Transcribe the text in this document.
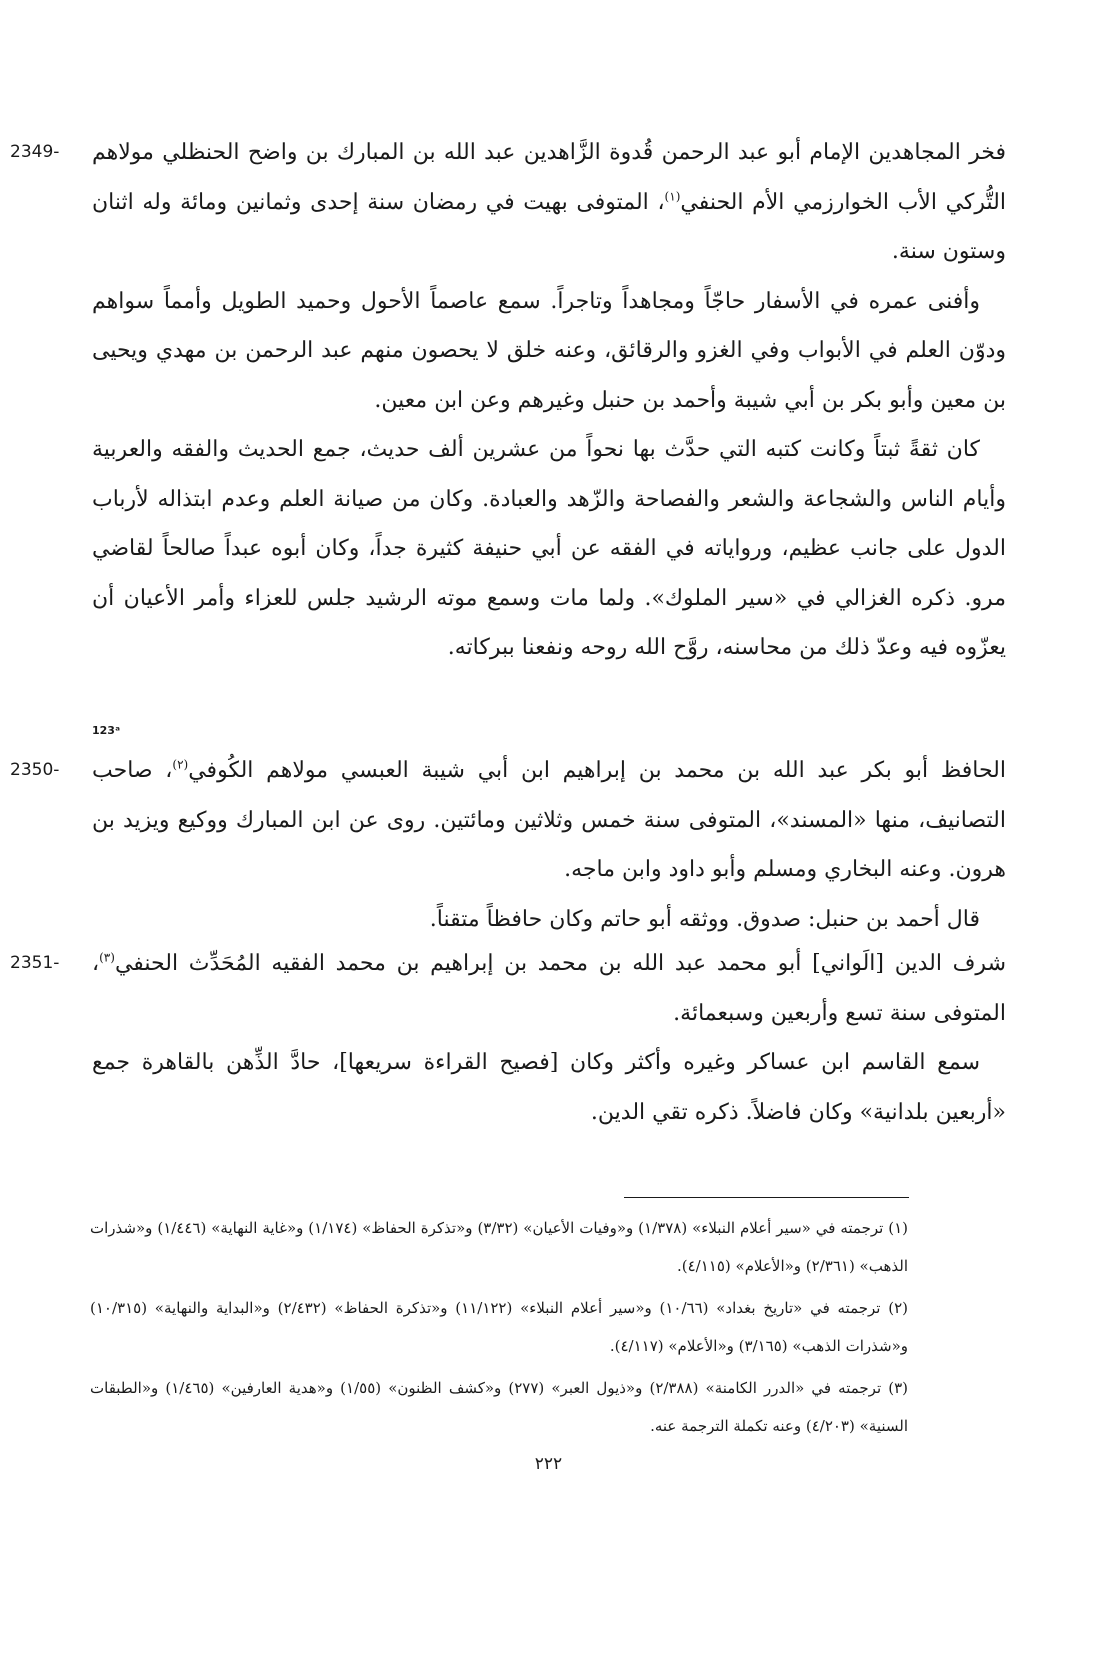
2349- فخر المجاهدين الإمام أبو عبد الرحمن قُدوة الزَّاهدين عبد الله بن المبارك بن واضح الحنظلي مولاهم التُّركي الأب الخوارزمي الأم الحنفي$^{(١)}$، المتوفى بهيت في رمضان سنة إحدى وثمانين ومائة وله اثنان وستون سنة.

وأفنى عمره في الأسفار حاجّاً ومجاهداً وتاجراً. سمع عاصماً الأحول وحميد الطويل وأمماً سواهم ودوّن العلم في الأبواب وفي الغزو والرقائق، وعنه خلق لا يحصون منهم عبد الرحمن بن مهدي ويحيى بن معين وأبو بكر بن أبي شيبة وأحمد بن حنبل وغيرهم وعن ابن معين.

كان ثقةً ثبتاً وكانت كتبه التي حدَّث بها نحواً من عشرين ألف حديث، جمع الحديث والفقه والعربية وأيام الناس والشجاعة والشعر والفصاحة والزّهد والعبادة. وكان من صيانة العلم وعدم ابتذاله لأرباب الدول على جانب عظيم، ورواياته في الفقه عن أبي حنيفة كثيرة جداً، وكان أبوه عبداً صالحاً لقاضي مرو. ذكره الغزالي في «سير الملوك». ولما مات وسمع موته الرشيد جلس للعزاء وأمر الأعيان أن يعزّوه فيه وعدّ ذلك من محاسنه، روَّح الله روحه ونفعنا ببركاته.

123ᵃ

2350-	الحافظ أبو بكر عبد الله بن محمد بن إبراهيم ابن أبي شيبة العبسي مولاهم الكُوفي$^{(٢)}$، صاحب التصانيف، منها «المسند»، المتوفى سنة خمس وثلاثين ومائتين. روى عن ابن المبارك ووكيع ويزيد بن هرون. وعنه البخاري ومسلم وأبو داود وابن ماجه.

قال أحمد بن حنبل: صدوق. ووثقه أبو حاتم وكان حافظاً متقناً.

2351-	شرف الدين [الَواني] أبو محمد عبد الله بن محمد بن إبراهيم بن محمد الفقيه المُحَدِّث الحنفي$^{(٣)}$، المتوفى سنة تسع وأربعين وسبعمائة.

سمع القاسم ابن عساكر وغيره وأكثر وكان [فصيح القراءة سريعها]، حادَّ الذِّهن بالقاهرة جمع «أربعين بلدانية» وكان فاضلاً. ذكره تقي الدين.

(١) ترجمته في «سير أعلام النبلاء» (١/٣٧٨) و«وفيات الأعيان» (٣/٣٢) و«تذكرة الحفاظ» (١/١٧٤) و«غاية النهاية» (١/٤٤٦) و«شذرات الذهب» (٢/٣٦١) و«الأعلام» (٤/١١٥).

(٢) ترجمته في «تاريخ بغداد» (١٠/٦٦) و«سير أعلام النبلاء» (١١/١٢٢) و«تذكرة الحفاظ» (٢/٤٣٢) و«البداية والنهاية» (١٠/٣١٥) و«شذرات الذهب» (٣/١٦٥) و«الأعلام» (٤/١١٧).

(٣) ترجمته في «الدرر الكامنة» (٢/٣٨٨) و«ذيول العبر» (٢٧٧) و«كشف الظنون» (١/٥٥) و«هدية العارفين» (١/٤٦٥) و«الطبقات السنية» (٤/٢٠٣) وعنه تكملة الترجمة عنه.

٢٢٢
